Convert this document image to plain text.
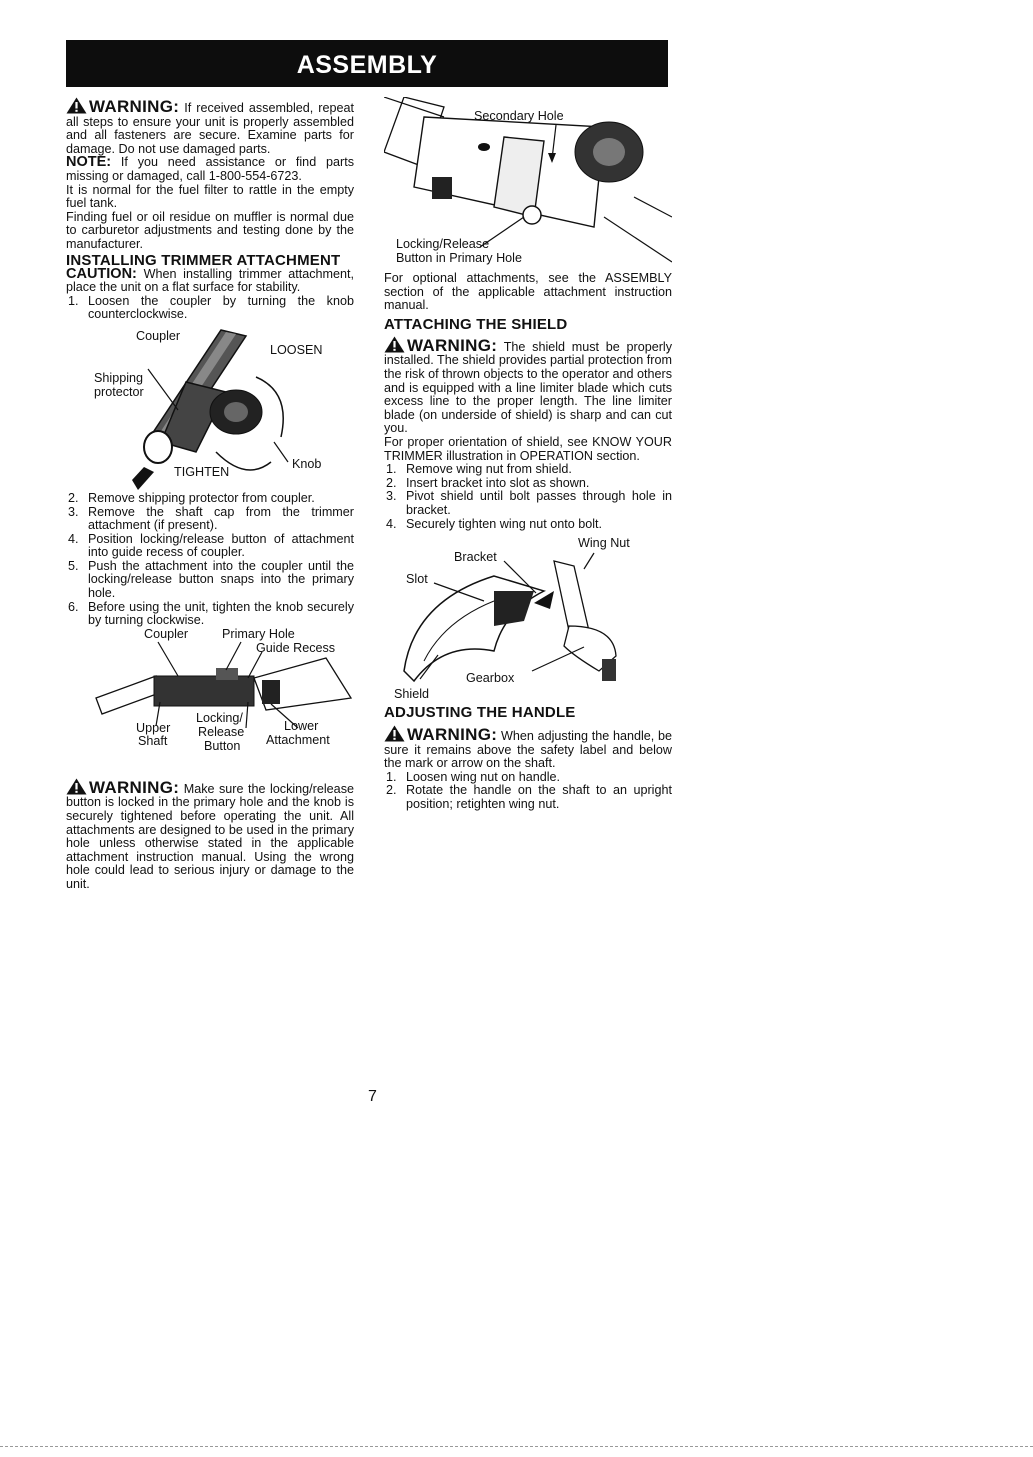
ASSEMBLY

WARNING: If received assembled, repeat all steps to ensure your unit is properly assembled and all fasteners are secure. Examine parts for damage. Do not use damaged parts.

NOTE: If you need assistance or find parts missing or damaged, call 1-800-554-6723.

It is normal for the fuel filter to rattle in the empty fuel tank.

Finding fuel or oil residue on muffler is normal due to carburetor adjustments and testing done by the manufacturer.

INSTALLING TRIMMER ATTACHMENT

CAUTION: When installing trimmer attachment, place the unit on a flat surface for stability.

1. Loosen the coupler by turning the knob counterclockwise.
Coupler
LOOSEN
Shipping
protector
TIGHTEN
Knob
2. Remove shipping protector from coupler.
3. Remove the shaft cap from the trimmer attachment (if present).
4. Position locking/release button of attachment into guide recess of coupler.
5. Push the attachment into the coupler until the locking/release button snaps into the primary hole.
6. Before using the unit, tighten the knob securely by turning clockwise.
Coupler	Primary Hole
Guide Recess
Upper
Shaft
Locking/
Release
Button
Lower
Attachment

WARNING: Make sure the locking/release button is locked in the primary hole and the knob is securely tightened before operating the unit. All attachments are designed to be used in the primary hole unless otherwise stated in the applicable attachment instruction manual. Using the wrong hole could lead to serious injury or damage to the unit.

Secondary Hole
Locking/Release
Button in Primary Hole

For optional attachments, see the ASSEMBLY section of the applicable attachment instruction manual.

ATTACHING THE SHIELD

WARNING: The shield must be properly installed. The shield provides partial protection from the risk of thrown objects to the operator and others and is equipped with a line limiter blade which cuts excess line to the proper length. The line limiter blade (on underside of shield) is sharp and can cut you.

For proper orientation of shield, see KNOW YOUR TRIMMER illustration in OPERATION section.

1. Remove wing nut from shield.
2. Insert bracket into slot as shown.
3. Pivot shield until bolt passes through hole in bracket.
4. Securely tighten wing nut onto bolt.
Wing Nut
Bracket
Slot
Gearbox
Shield
ADJUSTING THE HANDLE

WARNING: When adjusting the handle, be sure it remains above the safety label and below the mark or arrow on the shaft.

1. Loosen wing nut on handle.
2. Rotate the handle on the shaft to an upright position; retighten wing nut.
7
